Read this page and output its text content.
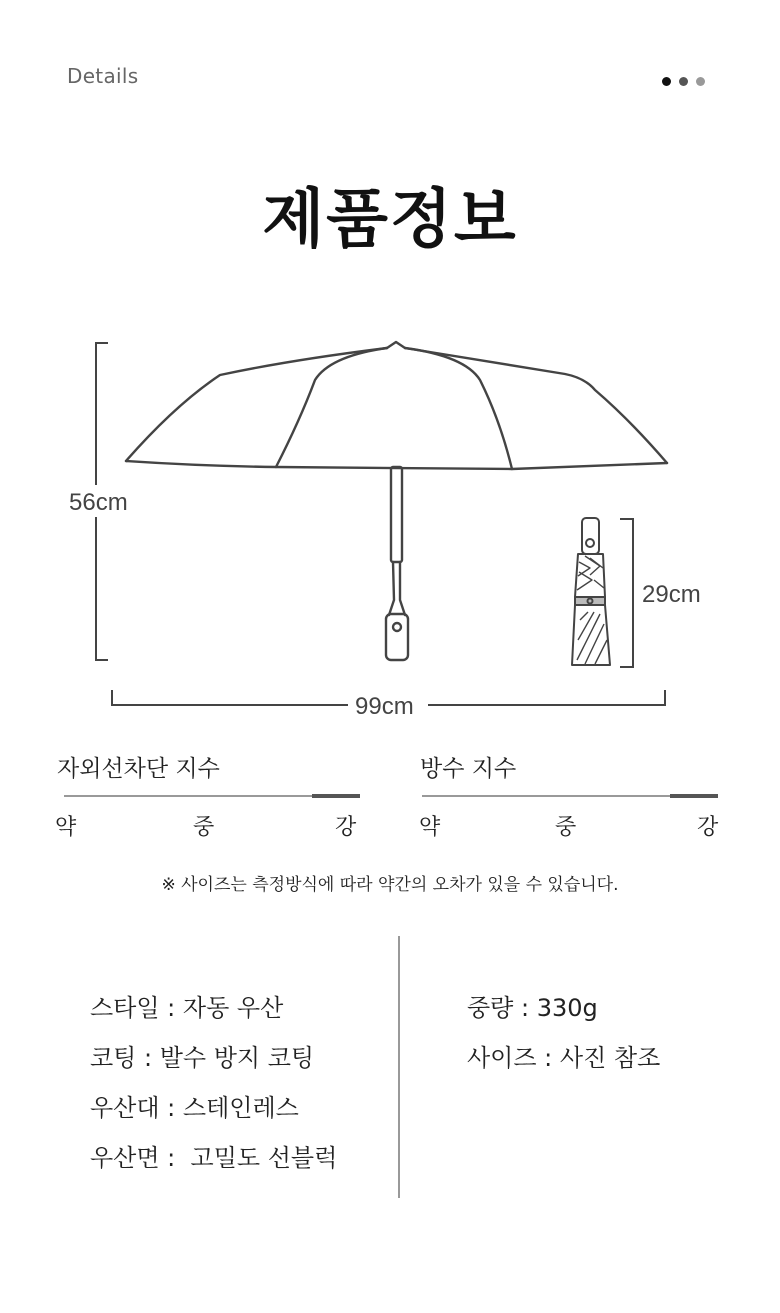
Details
제품정보
56cm
29cm
99cm
자외선차단 지수	방수 지수
약	중	강	약	중	강
※ 사이즈는 측정방식에 따라 약간의 오차가 있을 수 있습니다.
스타일 : 자동 우산
코팅 : 발수 방지 코팅
우산대 : 스테인레스
우산면 :  고밀도 선블럭
중량 : 330g
사이즈 : 사진 참조
